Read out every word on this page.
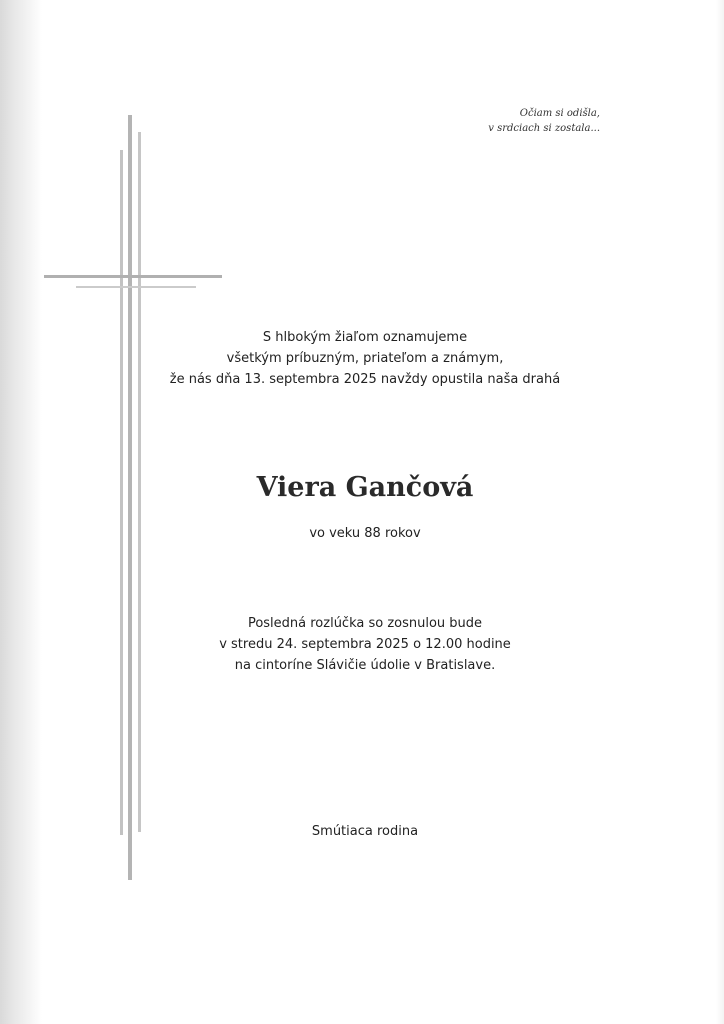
Očiam si odišla,
v srdciach si zostala...
S hlbokým žiaľom oznamujeme
všetkým príbuzným, priateľom a známym,
že nás dňa 13. septembra 2025 navždy opustila naša drahá
Viera Gančová
vo veku 88 rokov
Posledná rozlúčka so zosnulou bude
v stredu 24. septembra 2025 o 12.00 hodine
na cintoríne Slávičie údolie v Bratislave.
Smútiaca rodina
